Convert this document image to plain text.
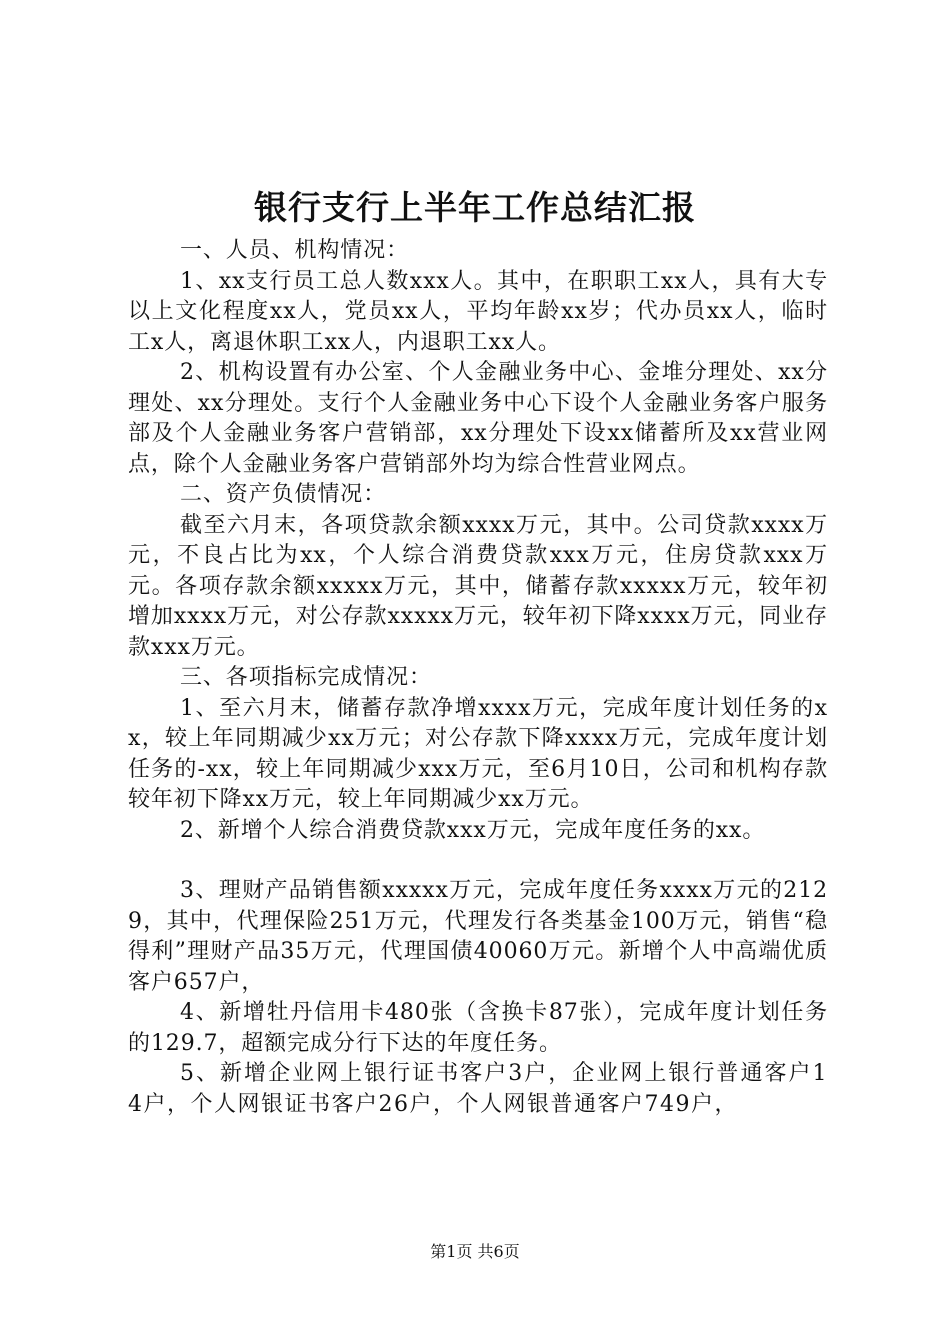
银行支行上半年工作总结汇报

一、人员、机构情况：

1、xx支行员工总人数xxx人。其中，在职职工xx人，具有大专以上文化程度xx人，党员xx人，平均年龄xx岁；代办员xx人，临时工x人，离退休职工xx人，内退职工xx人。

2、机构设置有办公室、个人金融业务中心、金堆分理处、xx分理处、xx分理处。支行个人金融业务中心下设个人金融业务客户服务部及个人金融业务客户营销部，xx分理处下设xx储蓄所及xx营业网点，除个人金融业务客户营销部外均为综合性营业网点。

二、资产负债情况：

截至六月末，各项贷款余额xxxx万元，其中。公司贷款xxxx万元，不良占比为xx，个人综合消费贷款xxx万元，住房贷款xxx万元。各项存款余额xxxxx万元，其中，储蓄存款xxxxx万元，较年初增加xxxx万元，对公存款xxxxx万元，较年初下降xxxx万元，同业存款xxx万元。

三、各项指标完成情况：

1、至六月末，储蓄存款净增xxxx万元，完成年度计划任务的xx，较上年同期减少xx万元；对公存款下降xxxx万元，完成年度计划任务的-xx，较上年同期减少xxx万元，至6月10日，公司和机构存款较年初下降xx万元，较上年同期减少xx万元。

2、新增个人综合消费贷款xxx万元，完成年度任务的xx。

3、理财产品销售额xxxxx万元，完成年度任务xxxx万元的2129，其中，代理保险251万元，代理发行各类基金100万元，销售“稳得利”理财产品35万元，代理国债40060万元。新增个人中高端优质客户657户，

4、新增牡丹信用卡480张（含换卡87张），完成年度计划任务的129.7，超额完成分行下达的年度任务。

5、新增企业网上银行证书客户3户，企业网上银行普通客户14户，个人网银证书客户26户，个人网银普通客户749户，

第1页 共6页
